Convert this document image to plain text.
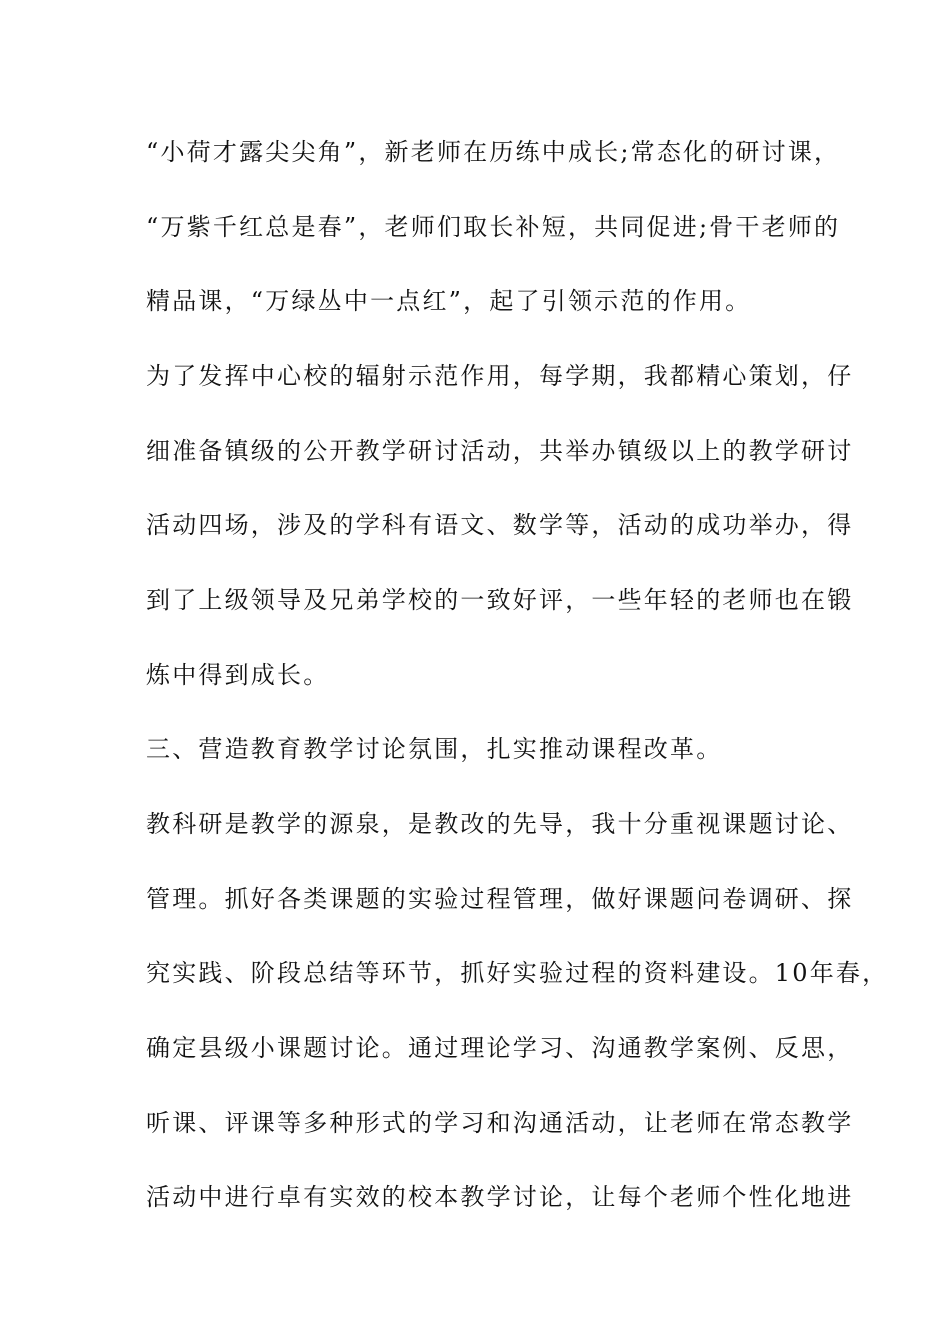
“小荷才露尖尖角”，新老师在历练中成长;常态化的研讨课，
“万紫千红总是春”，老师们取长补短，共同促进;骨干老师的
精品课，“万绿丛中一点红”，起了引领示范的作用。
为了发挥中心校的辐射示范作用，每学期，我都精心策划，仔
细准备镇级的公开教学研讨活动，共举办镇级以上的教学研讨
活动四场，涉及的学科有语文、数学等，活动的成功举办，得
到了上级领导及兄弟学校的一致好评，一些年轻的老师也在锻
炼中得到成长。
三、营造教育教学讨论氛围，扎实推动课程改革。
教科研是教学的源泉，是教改的先导，我十分重视课题讨论、
管理。抓好各类课题的实验过程管理，做好课题问卷调研、探
究实践、阶段总结等环节，抓好实验过程的资料建设。10年春，
确定县级小课题讨论。通过理论学习、沟通教学案例、反思，
听课、评课等多种形式的学习和沟通活动，让老师在常态教学
活动中进行卓有实效的校本教学讨论，让每个老师个性化地进
